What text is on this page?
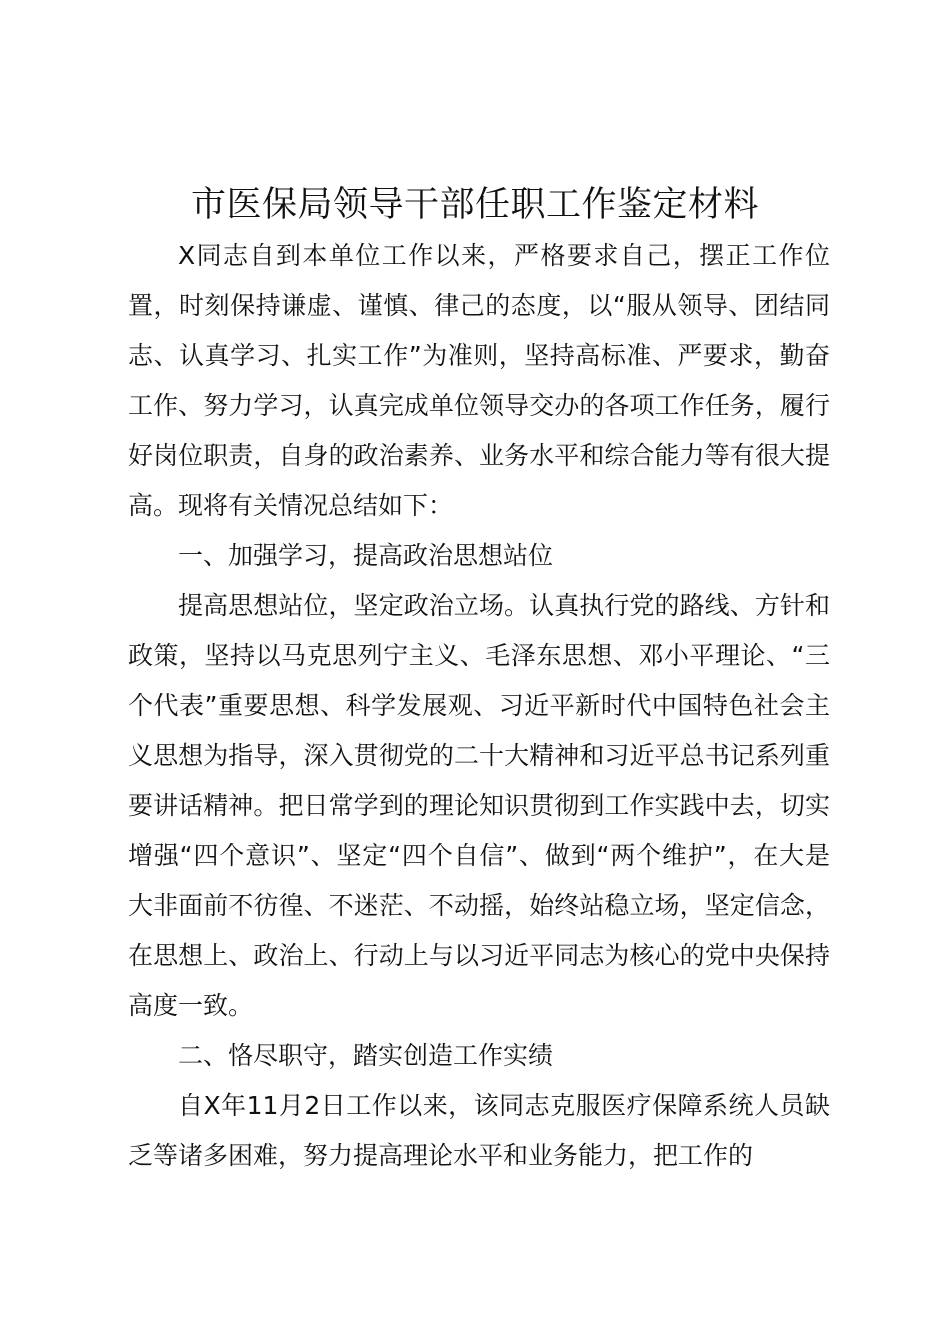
市医保局领导干部任职工作鉴定材料

X同志自到本单位工作以来，严格要求自己，摆正工作位置，时刻保持谦虚、谨慎、律己的态度，以“服从领导、团结同志、认真学习、扎实工作”为准则，坚持高标准、严要求，勤奋工作、努力学习，认真完成单位领导交办的各项工作任务，履行好岗位职责，自身的政治素养、业务水平和综合能力等有很大提高。现将有关情况总结如下：

一、加强学习，提高政治思想站位

提高思想站位，坚定政治立场。认真执行党的路线、方针和政策，坚持以马克思列宁主义、毛泽东思想、邓小平理论、“三个代表”重要思想、科学发展观、习近平新时代中国特色社会主义思想为指导，深入贯彻党的二十大精神和习近平总书记系列重要讲话精神。把日常学到的理论知识贯彻到工作实践中去，切实增强“四个意识”、坚定“四个自信”、做到“两个维护”，在大是大非面前不彷徨、不迷茫、不动摇，始终站稳立场，坚定信念，在思想上、政治上、行动上与以习近平同志为核心的党中央保持高度一致。

二、恪尽职守，踏实创造工作实绩

自X年11月2日工作以来，该同志克服医疗保障系统人员缺乏等诸多困难，努力提高理论水平和业务能力，把工作的
